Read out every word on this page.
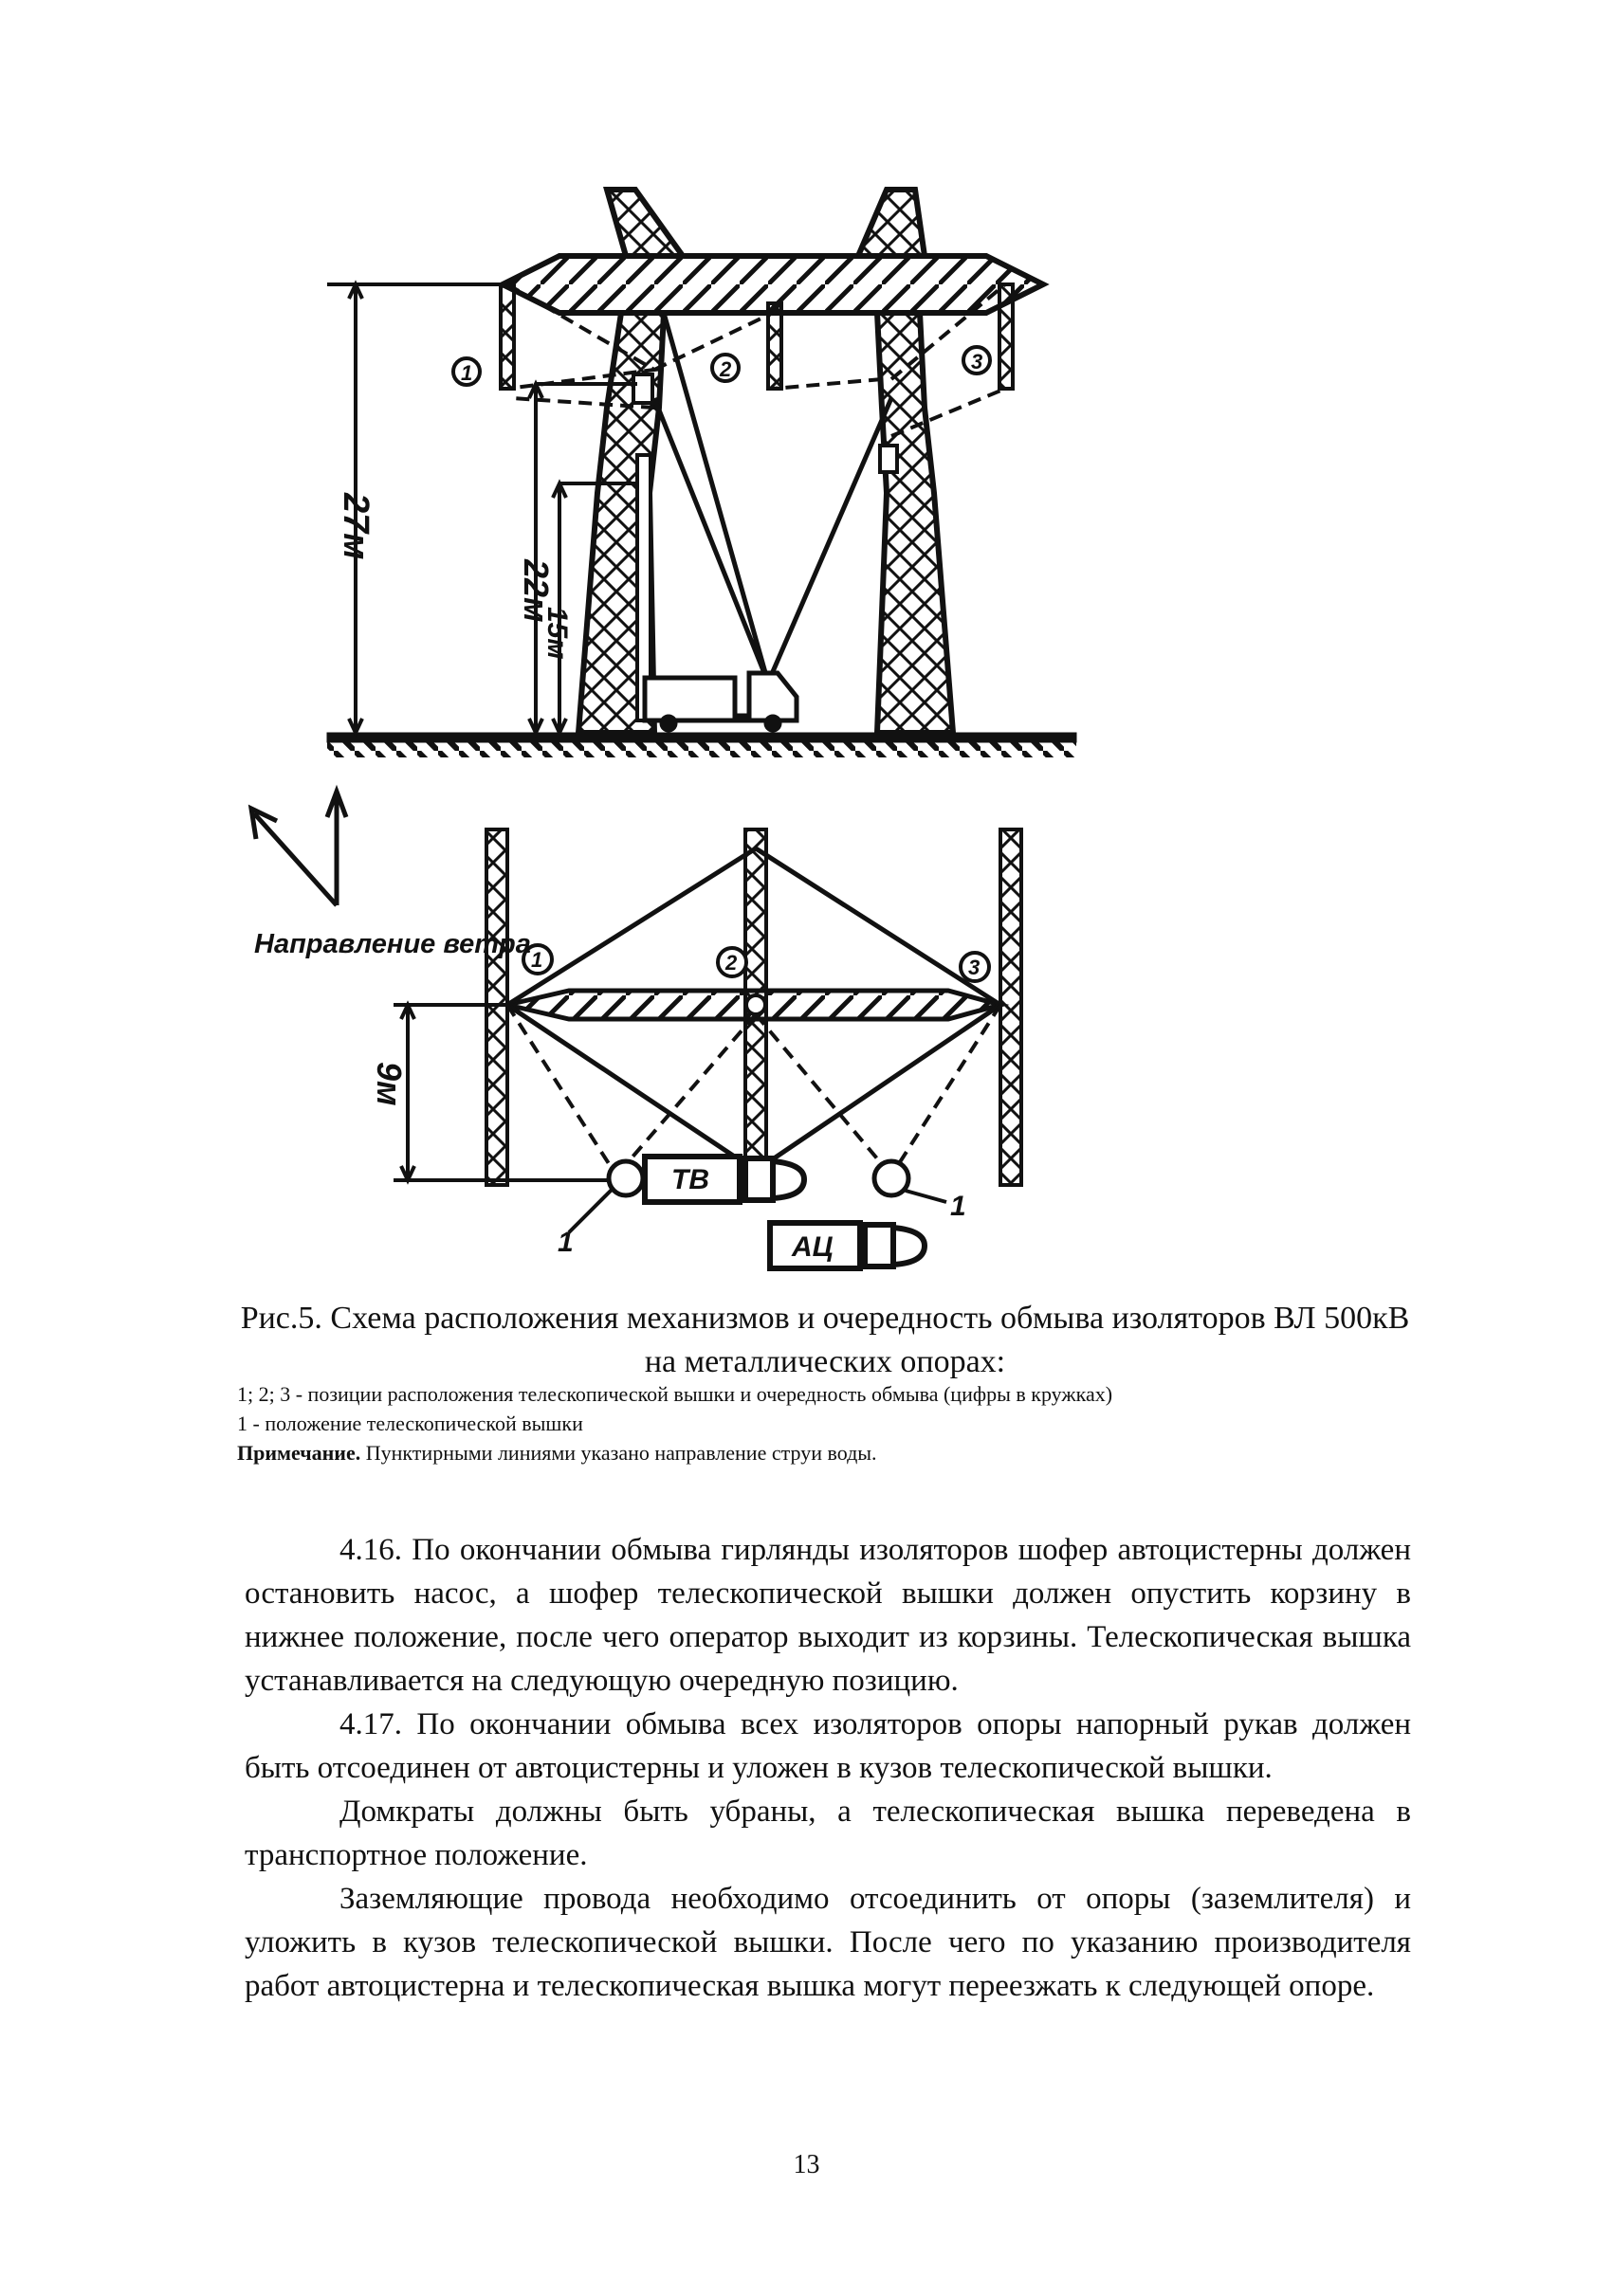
27м
22м
15м
1	2	3
Направление ветра
9м
1	2	3
ТВ
АЦ
1
1
Рис.5. Схема расположения механизмов и очередность обмыва изоляторов ВЛ 500кВ на металлических опорах:

1; 2; 3 - позиции расположения телескопической вышки и очередность обмыва (цифры в кружках)

1 - положение телескопической вышки

Примечание. Пунктирными линиями указано направление струи воды.

4.16. По окончании обмыва гирлянды изоляторов шофер автоцистерны должен остановить насос, а шофер телескопической вышки должен опустить корзину в нижнее положение, после чего оператор выходит из корзины. Телескопическая вышка устанавливается на следующую очередную позицию.

4.17. По окончании обмыва всех изоляторов опоры напорный рукав должен быть отсоединен от автоцистерны и уложен в кузов телескопической вышки.

Домкраты должны быть убраны, а телескопическая вышка переведена в транспортное положение.

Заземляющие провода необходимо отсоединить от опоры (заземлителя) и уложить в кузов телескопической вышки. После чего по указанию производителя работ автоцистерна и телескопическая вышка могут переезжать к следующей опоре.

13
